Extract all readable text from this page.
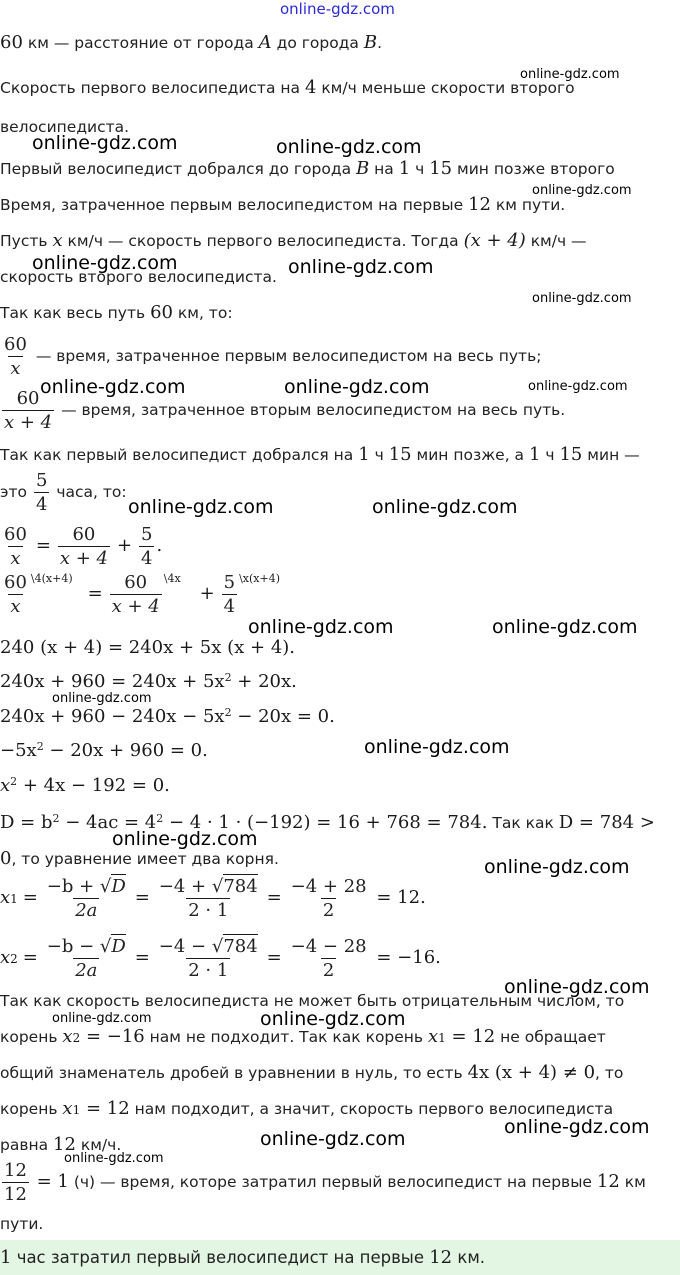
online-gdz.com
online-gdz.com
online-gdz.com	online-gdz.com
online-gdz.com
online-gdz.com	online-gdz.com
online-gdz.com
online-gdz.com	online-gdz.com	online-gdz.com
online-gdz.com	online-gdz.com
online-gdz.com	online-gdz.com
online-gdz.com
online-gdz.com
online-gdz.com
online-gdz.com
online-gdz.com
online-gdz.com	online-gdz.com
online-gdz.com
online-gdz.com
online-gdz.com
60 км — расстояние от города A до города B.
Скорость первого велосипедиста на 4 км/ч меньше скорости второго
велосипедиста.
Первый велосипедист добрался до города B на 1 ч 15 мин позже второго
Время, затраченное первым велосипедистом на первые 12 км пути.
Пусть x км/ч — скорость первого велосипедиста. Тогда (x + 4) км/ч —
скорость второго велосипедиста.
Так как весь путь 60 км, то:
$\frac{60}{x}$ — время, затраченное первым велосипедистом на весь путь;
$\frac{60}{x + 4}$ — время, затраченное вторым велосипедистом на весь путь.
Так как первый велосипедист добрался на 1 ч 15 мин позже, а 1 ч 15 мин —
это $\frac{5}{4}$ часа, то:
$\frac{60}{x} = \frac{60}{x + 4} + \frac{5}{4}$ .
$\frac{60}{x} ^{\backslash 4(x+4)} = \frac{60}{x + 4} ^{\backslash 4x} + \frac{5}{4} ^{\backslash x(x+4)}$
240 (x + 4) = 240x + 5x (x + 4).
$240x + 960 = 240x + 5x^2 + 20x$.
$240x + 960 - 240x - 5x^2 - 20x = 0$.
$-5x^2 - 20x + 960 = 0$.
$x^2 + 4x - 192 = 0$.
$D = b^2 - 4ac = 4^2 - 4 \cdot 1 \cdot (-192) = 16 + 768 = 784$. Так как D = 784 >
0, то уравнение имеет два корня.
$x1 = \frac{-b + √D}{2a} = \frac{-4 + √784}{2 \cdot 1} = \frac{-4 + 28}{2} = 12$.
$x2 = \frac{-b - √D}{2a} = \frac{-4 - √784}{2 \cdot 1} = \frac{-4 - 28}{2} = -16$.
Так как скорость велосипедиста не может быть отрицательным числом, то
корень x2 = −16 нам не подходит. Так как корень x1 = 12 не обращает
общий знаменатель дробей в уравнении в нуль, то есть 4x (x + 4) ≠ 0, то
корень x1 = 12 нам подходит, а значит, скорость первого велосипедиста
равна 12 км/ч.
$\frac{12}{12} = 1$ (ч) — время, которе затратил первый велосипедист на первые 12 км
пути.
1 час затратил первый велосипедист на первые 12 км.
